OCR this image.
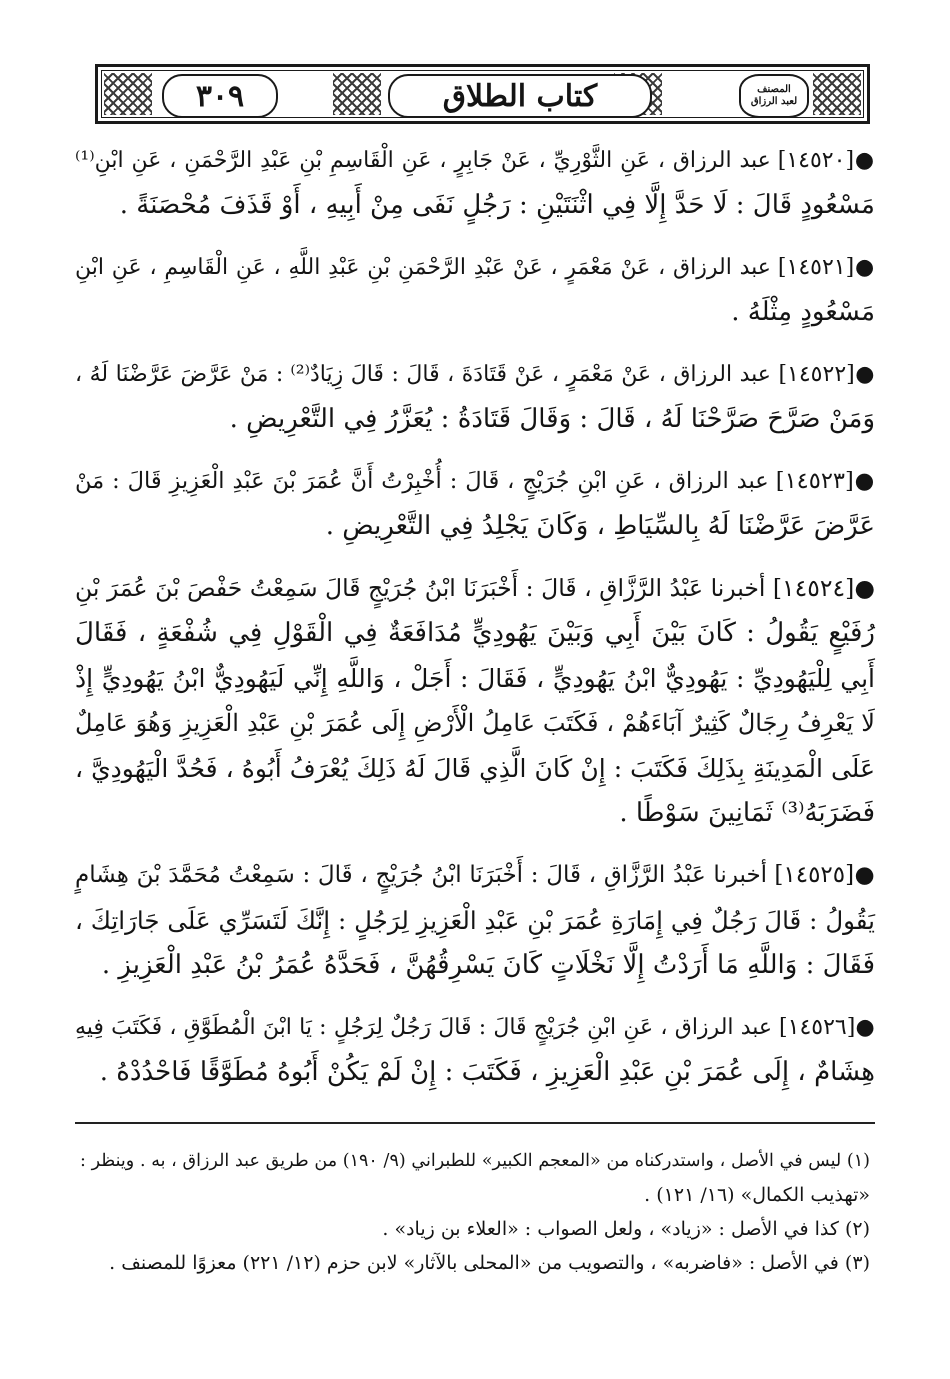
المصنف
لعبد الرزاق
كتاب الطلاق
٣٠٩
●[١٤٥٢٠] عبد الرزاق ، عَنِ الثَّوْرِيِّ ، عَنْ جَابِرٍ ، عَنِ الْقَاسِمِ بْنِ عَبْدِ الرَّحْمَنِ ، عَنِ ابْنِ⁽¹⁾
مَسْعُودٍ قَالَ : لَا حَدَّ إِلَّا فِي اثْنَتَيْنِ : رَجُلٍ نَفَى مِنْ أَبِيهِ ، أَوْ قَذَفَ مُحْصَنَةً .
●[١٤٥٢١] عبد الرزاق ، عَنْ مَعْمَرٍ ، عَنْ عَبْدِ الرَّحْمَنِ بْنِ عَبْدِ اللَّهِ ، عَنِ الْقَاسِمِ ، عَنِ ابْنِ
مَسْعُودٍ مِثْلَهُ .
●[١٤٥٢٢] عبد الرزاق ، عَنْ مَعْمَرٍ ، عَنْ قَتَادَةَ ، قَالَ : قَالَ زِيَادٌ⁽²⁾ : مَنْ عَرَّضَ عَرَّضْنَا لَهُ ،
وَمَنْ صَرَّحَ صَرَّحْنَا لَهُ ، قَالَ : وَقَالَ قَتَادَةُ : يُعَزَّرُ فِي التَّعْرِيضِ .
●[١٤٥٢٣] عبد الرزاق ، عَنِ ابْنِ جُرَيْجٍ ، قَالَ : أُخْبِرْتُ أَنَّ عُمَرَ بْنَ عَبْدِ الْعَزِيزِ قَالَ : مَنْ
عَرَّضَ عَرَّضْنَا لَهُ بِالسِّيَاطِ ، وَكَانَ يَجْلِدُ فِي التَّعْرِيضِ .
●[١٤٥٢٤] أخبرنا عَبْدُ الرَّزَّاقِ ، قَالَ : أَخْبَرَنَا ابْنُ جُرَيْجٍ قَالَ سَمِعْتُ حَفْصَ بْنَ عُمَرَ بْنِ
رُفَيْعٍ يَقُولُ : كَانَ بَيْنَ أَبِي وَبَيْنَ يَهُودِيٍّ مُدَافَعَةٌ فِي الْقَوْلِ فِي شُفْعَةٍ ، فَقَالَ
أَبِي لِلْيَهُودِيِّ : يَهُودِيٌّ ابْنُ يَهُودِيٍّ ، فَقَالَ : أَجَلْ ، وَاللَّهِ إِنِّي لَيَهُودِيٌّ ابْنُ يَهُودِيٍّ إِذْ
لَا يَعْرِفُ رِجَالٌ كَثِيرٌ آبَاءَهُمْ ، فَكَتَبَ عَامِلُ الْأَرْضِ إِلَى عُمَرَ بْنِ عَبْدِ الْعَزِيزِ وَهُوَ عَامِلٌ
عَلَى الْمَدِينَةِ بِذَلِكَ فَكَتَبَ : إِنْ كَانَ الَّذِي قَالَ لَهُ ذَلِكَ يُعْرَفُ أَبُوهُ ، فَحُدَّ الْيَهُودِيَّ ،
فَضَرَبَهُ⁽³⁾ ثَمَانِينَ سَوْطًا .
●[١٤٥٢٥] أخبرنا عَبْدُ الرَّزَّاقِ ، قَالَ : أَخْبَرَنَا ابْنُ جُرَيْجٍ ، قَالَ : سَمِعْتُ مُحَمَّدَ بْنَ هِشَامٍ
يَقُولُ : قَالَ رَجُلٌ فِي إِمَارَةِ عُمَرَ بْنِ عَبْدِ الْعَزِيزِ لِرَجُلٍ : إِنَّكَ لَتَسَرِّي عَلَى جَارَاتِكَ ،
فَقَالَ : وَاللَّهِ مَا أَرَدْتُ إِلَّا نَخْلَاتٍ كَانَ يَسْرِقُهُنَّ ، فَحَدَّهُ عُمَرُ بْنُ عَبْدِ الْعَزِيزِ .
●[١٤٥٢٦] عبد الرزاق ، عَنِ ابْنِ جُرَيْجٍ قَالَ : قَالَ رَجُلٌ لِرَجُلٍ : يَا ابْنَ الْمُطَوَّقِ ، فَكَتَبَ فِيهِ
هِشَامٌ ، إِلَى عُمَرَ بْنِ عَبْدِ الْعَزِيزِ ، فَكَتَبَ : إِنْ لَمْ يَكُنْ أَبُوهُ مُطَوَّقًا فَاحْدُدْهُ .
(١) ليس في الأصل ، واستدركناه من «المعجم الكبير» للطبراني (٩/ ١٩٠) من طريق عبد الرزاق ، به . وينظر :
«تهذيب الكمال» (١٦/ ١٢١) .
(٢) كذا في الأصل : «زياد» ، ولعل الصواب : «العلاء بن زياد» .
(٣) في الأصل : «فاضربه» ، والتصويب من «المحلى بالآثار» لابن حزم (١٢/ ٢٢١) معزوًا للمصنف .
